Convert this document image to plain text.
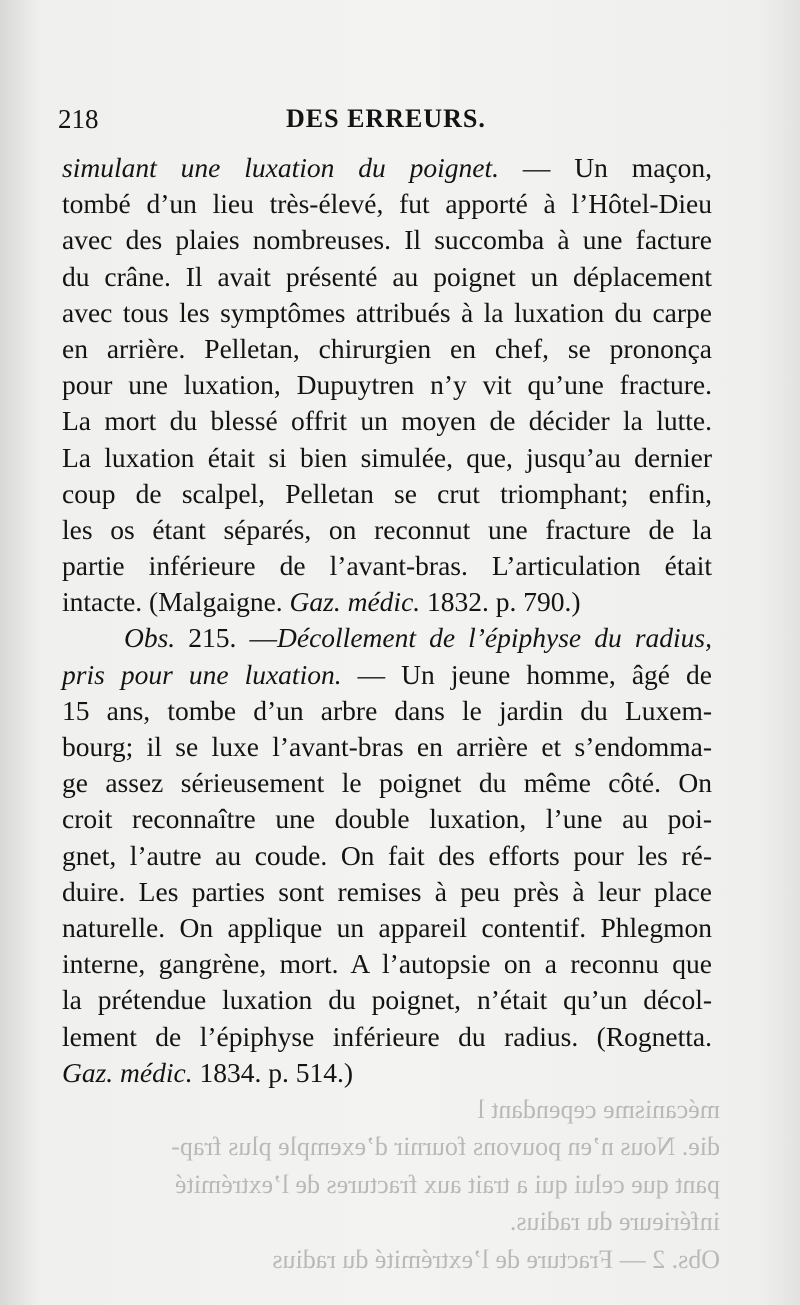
218	DES ERREURS.
simulant une luxation du poignet. — Un maçon,
tombé d’un lieu très-élevé, fut apporté à l’Hôtel-Dieu
avec des plaies nombreuses. Il succomba à une facture
du crâne. Il avait présenté au poignet un déplacement
avec tous les symptômes attribués à la luxation du carpe
en arrière. Pelletan, chirurgien en chef, se prononça
pour une luxation, Dupuytren n’y vit qu’une fracture.
La mort du blessé offrit un moyen de décider la lutte.
La luxation était si bien simulée, que, jusqu’au dernier
coup de scalpel, Pelletan se crut triomphant; enfin,
les os étant séparés, on reconnut une fracture de la
partie inférieure de l’avant-bras. L’articulation était
intacte. (Malgaigne. Gaz. médic. 1832. p. 790.)
Obs. 215. —Décollement de l’épiphyse du radius,
pris pour une luxation. — Un jeune homme, âgé de
15 ans, tombe d’un arbre dans le jardin du Luxem-
bourg; il se luxe l’avant-bras en arrière et s’endomma-
ge assez sérieusement le poignet du même côté. On
croit reconnaître une double luxation, l’une au poi-
gnet, l’autre au coude. On fait des efforts pour les ré-
duire. Les parties sont remises à peu près à leur place
naturelle. On applique un appareil contentif. Phlegmon
interne, gangrène, mort. A l’autopsie on a reconnu que
la prétendue luxation du poignet, n’était qu’un décol-
lement de l’épiphyse inférieure du radius. (Rognetta.
Gaz. médic. 1834. p. 514.)
mécanisme cependant l
die. Nous n’en pouvons fournir d’exemple plus frap-
pant que celui qui a trait aux fractures de l’extrémité
inférieure du radius.
Obs. 2 — Fracture de l’extrémité du radius
